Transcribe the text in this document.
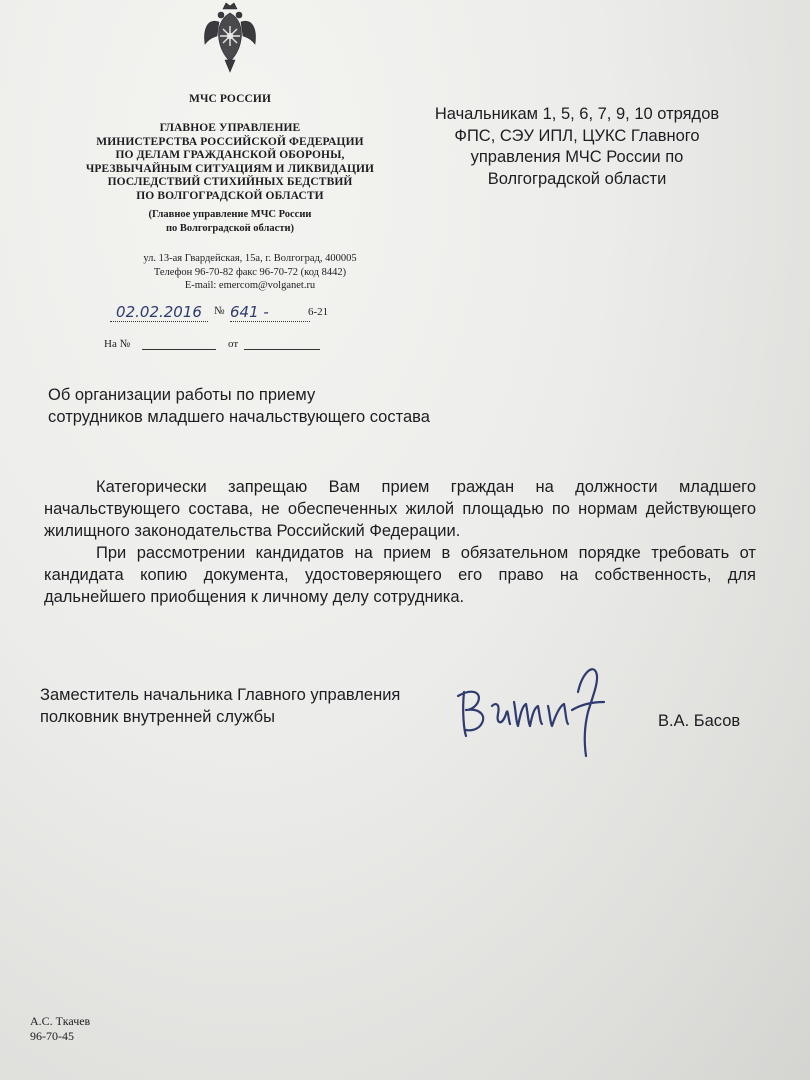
МЧС РОССИИ
ГЛАВНОЕ УПРАВЛЕНИЕ
МИНИСТЕРСТВА РОССИЙСКОЙ ФЕДЕРАЦИИ
ПО ДЕЛАМ ГРАЖДАНСКОЙ ОБОРОНЫ,
ЧРЕЗВЫЧАЙНЫМ СИТУАЦИЯМ И ЛИКВИДАЦИИ
ПОСЛЕДСТВИЙ СТИХИЙНЫХ БЕДСТВИЙ
ПО ВОЛГОГРАДСКОЙ ОБЛАСТИ
(Главное управление МЧС России
по Волгоградской области)
ул. 13-ая Гвардейская, 15а, г. Волгоград, 400005
Телефон 96-70-82 факс 96-70-72 (код 8442)
E-mail: emercom@volganet.ru
02.02.2016	№ 641 -	6-21
На №	от
Начальникам 1, 5, 6, 7, 9, 10 отрядов
ФПС, СЭУ ИПЛ, ЦУКС Главного
управления МЧС России по
Волгоградской области
Об организации работы по приему
сотрудников младшего начальствующего состава

Категорически запрещаю Вам прием граждан на должности младшего начальствующего состава, не обеспеченных жилой площадью по нормам действующего жилищного законодательства Российский Федерации.

При рассмотрении кандидатов на прием в обязательном порядке требовать от кандидата копию документа, удостоверяющего его право на собственность, для дальнейшего приобщения к личному делу сотрудника.

Заместитель начальника Главного управления
полковник внутренней службы	В.А. Басов
А.С. Ткачев
96-70-45
